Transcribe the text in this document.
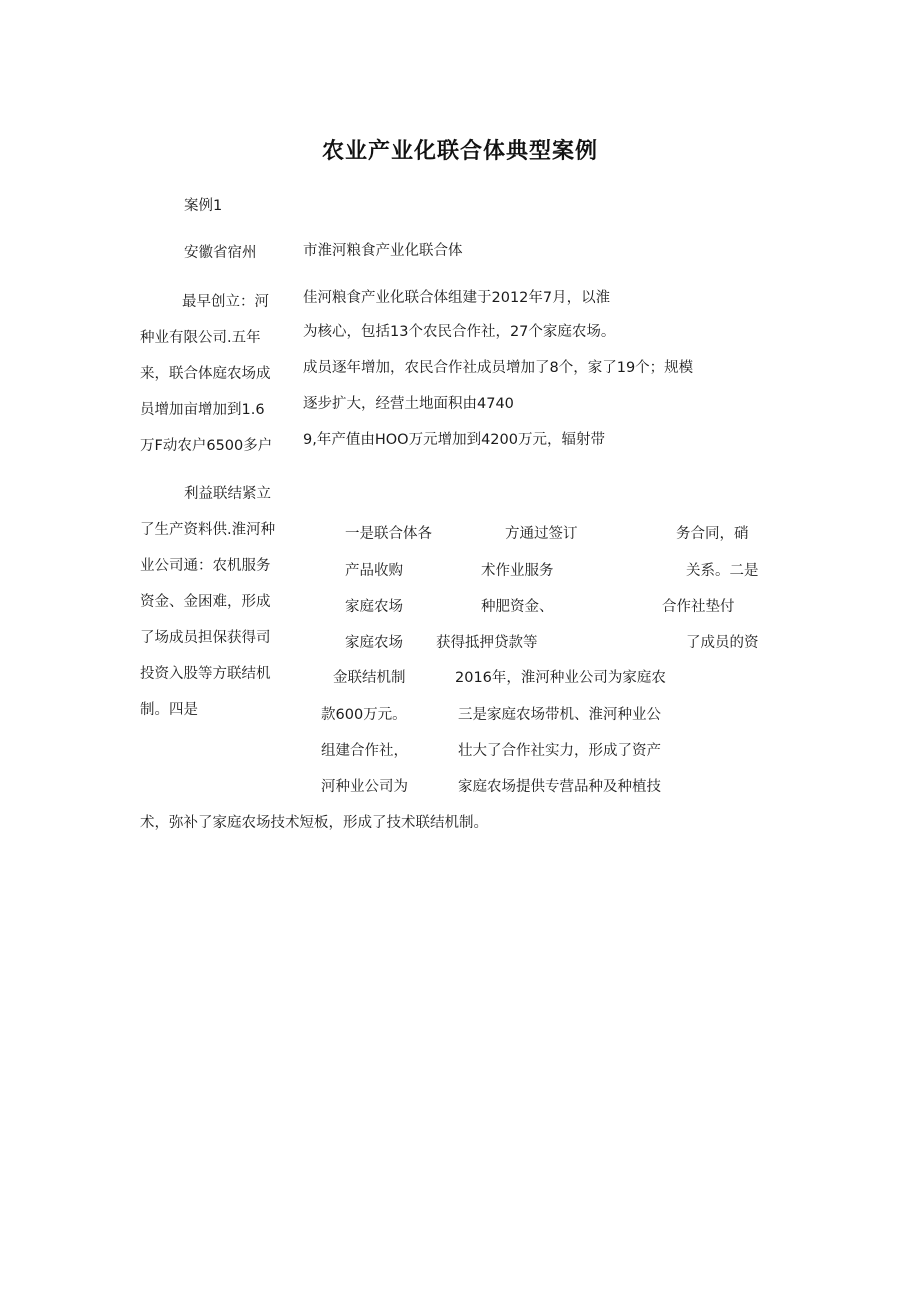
农业产业化联合体典型案例
案例1
安徽省宿州	市淮河粮食产业化联合体
最早创立：河
种业有限公司.五年
来，联合体庭农场成
员增加亩增加到1.6
万F动农户6500多户
佳河粮食产业化联合体组建于2012年7月，以淮
为核心，包括13个农民合作社，27个家庭农场。
成员逐年增加，农民合作社成员增加了8个，家了19个；规模
逐步扩大，经营土地面积由4740
9,年产值由HOO万元增加到4200万元，辐射带
利益联结紧立
了生产资料供.淮河种
业公司通：农机服务
资金、金困难，形成
了场成员担保获得司
投资入股等方联结机
制。四是
一是联合体各	方通过签订	务合同，硝
产品收购	术作业服务	关系。二是
家庭农场	种肥资金、	合作社垫付
家庭农场 获得抵押贷款等	了成员的资
金联结机制	2016年，淮河种业公司为家庭农
款600万元。	三是家庭农场带机、淮河种业公
组建合作社，	壮大了合作社实力，形成了资产
河种业公司为	家庭农场提供专营品种及种植技
术，弥补了家庭农场技术短板，形成了技术联结机制。
